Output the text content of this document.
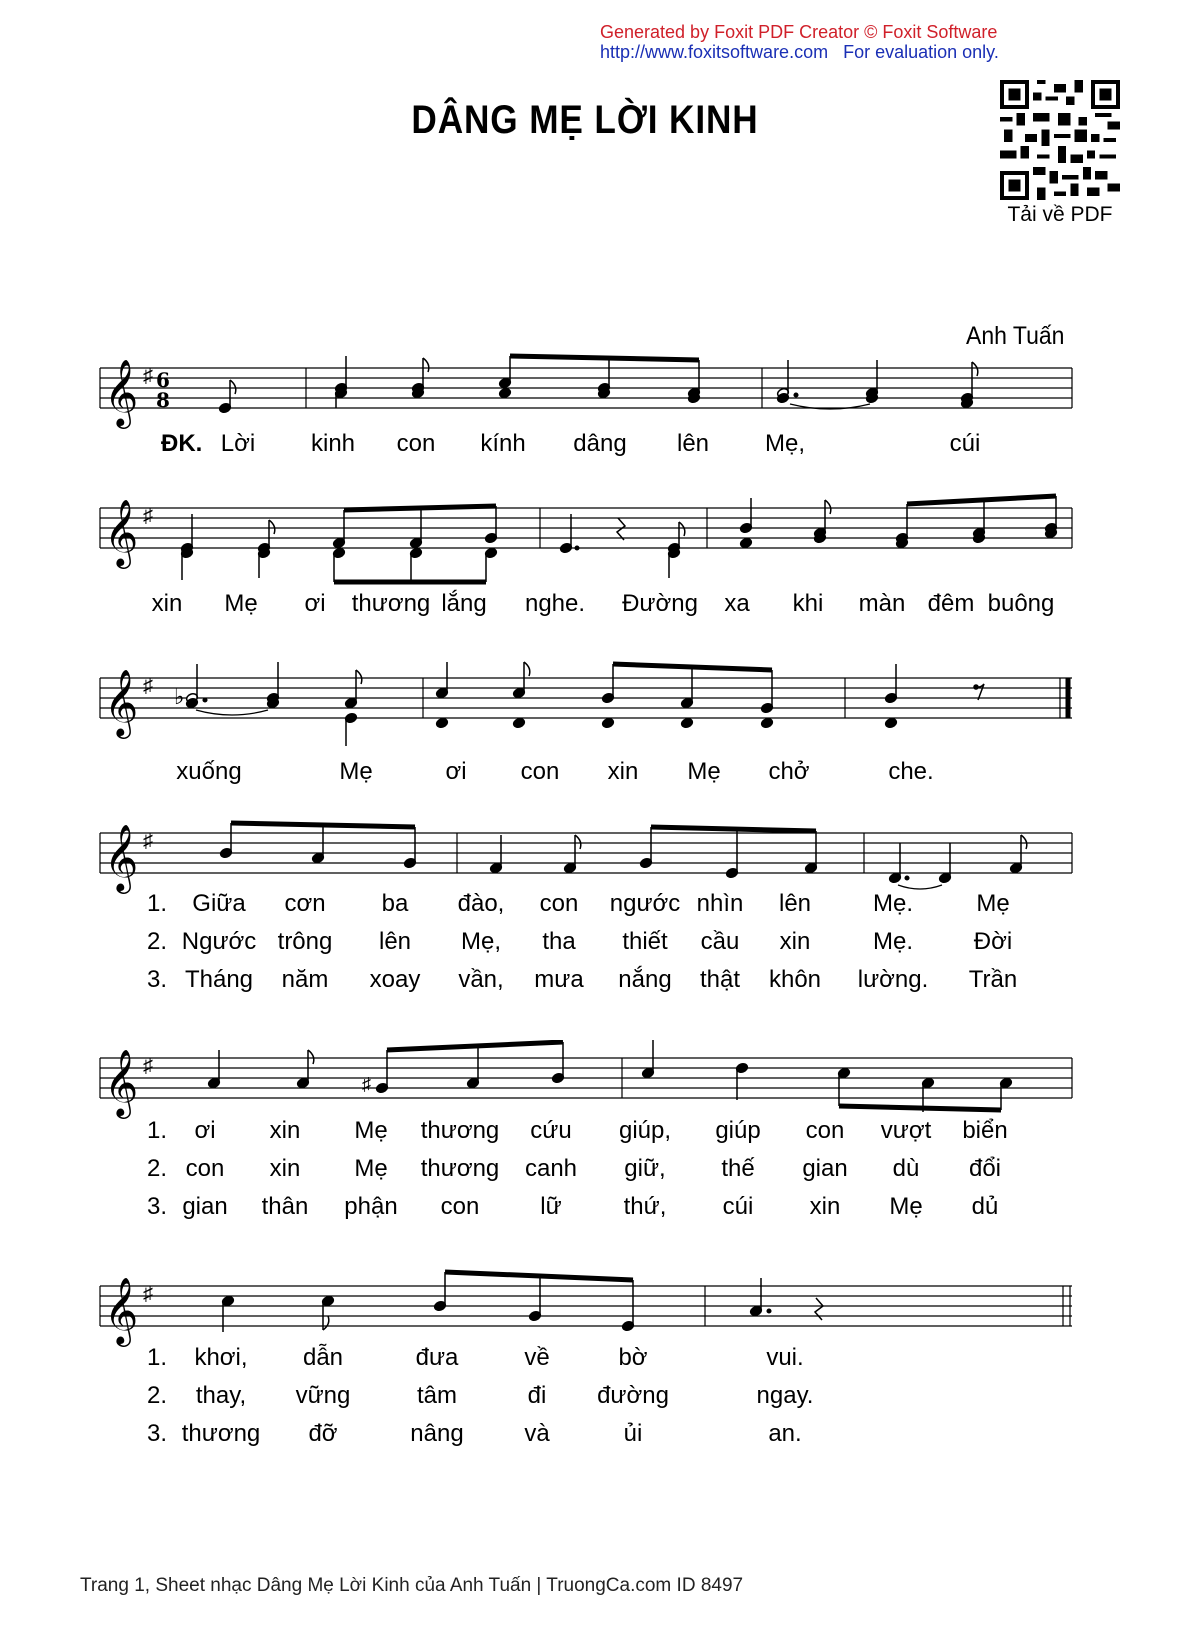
Generated by Foxit PDF Creator © Foxit Software
http://www.foxitsoftware.com   For evaluation only.
DÂNG MẸ LỜI KINH
Tải về PDF
Anh Tuấn
𝄞 ♯ 6
8
ĐK. Lời kinh con kính dâng lên Mẹ,	cúi
𝄞 ♯
xin Mẹ ơi thương lắng nghe. Đường xa khi màn đêm buông
𝄞 ♯ ♭
xuống	Mẹ	ơi con xin Mẹ chở	che.
𝄞 ♯
1. Giữa cơn ba đào, con ngước nhìn lên	Mẹ.	Mẹ
2. Ngước trông lên Mẹ, tha thiết cầu xin	Mẹ.	Đời
3. Tháng năm xoay vần, mưa nắng thật khôn lường. Trần
𝄞 ♯
♯
1. ơi xin Mẹ thương cứu giúp, giúp con vượt biển
2. con xin Mẹ thương canh giữ, thế gian dù đổi
3. gian thân phận con	lữ	thứ, cúi xin Mẹ dủ
𝄞 ♯
1. khơi, dẫn	đưa	về	bờ	vui.
2. thay, vững	tâm	đi đường	ngay.
3. thương đỡ	nâng	và	ủi	an.
Trang 1, Sheet nhạc Dâng Mẹ Lời Kinh của Anh Tuấn | TruongCa.com ID 8497
